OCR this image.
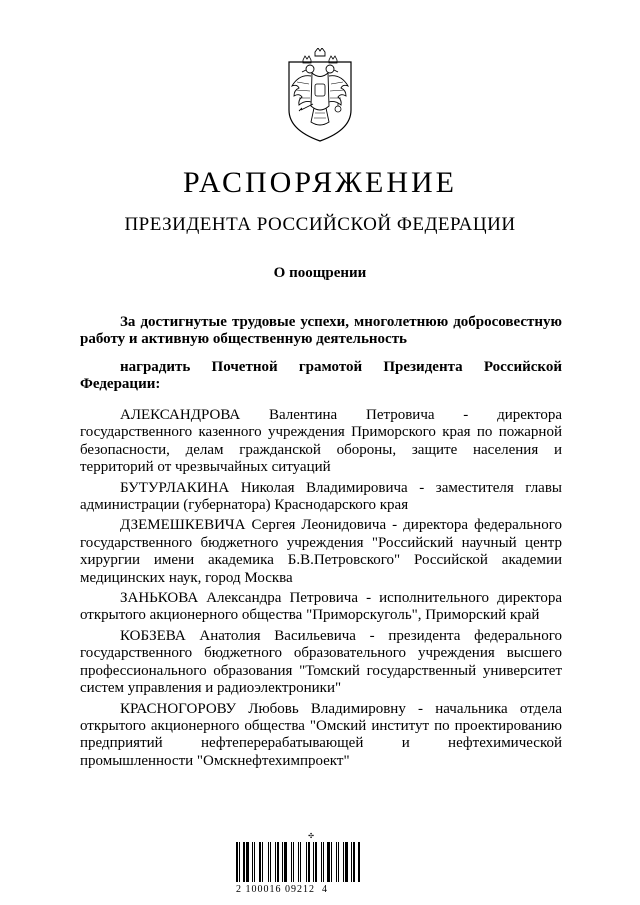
РАСПОРЯЖЕНИЕ
ПРЕЗИДЕНТА РОССИЙСКОЙ ФЕДЕРАЦИИ
О поощрении
За достигнутые трудовые успехи, многолетнюю добросовестную работу и активную общественную деятельность
наградить Почетной грамотой Президента Российской Федерации:

АЛЕКСАНДРОВА Валентина Петровича - директора государственного казенного учреждения Приморского края по пожарной безопасности, делам гражданской обороны, защите населения и территорий от чрезвычайных ситуаций

БУТУРЛАКИНА Николая Владимировича - заместителя главы администрации (губернатора) Краснодарского края

ДЗЕМЕШКЕВИЧА Сергея Леонидовича - директора федерального государственного бюджетного учреждения "Российский научный центр хирургии имени академика Б.В.Петровского" Российской академии медицинских наук, город Москва

ЗАНЬКОВА Александра Петровича - исполнительного директора открытого акционерного общества "Приморскуголь", Приморский край

КОБЗЕВА Анатолия Васильевича - президента федерального государственного бюджетного образовательного учреждения высшего профессионального образования "Томский государственный университет систем управления и радиоэлектроники"

КРАСНОГОРОВУ Любовь Владимировну - начальника отдела открытого акционерного общества "Омский институт по проектированию предприятий нефтеперерабатывающей и нефтехимической промышленности "Омскнефтехимпроект"

✣
2 100016 09212  4
